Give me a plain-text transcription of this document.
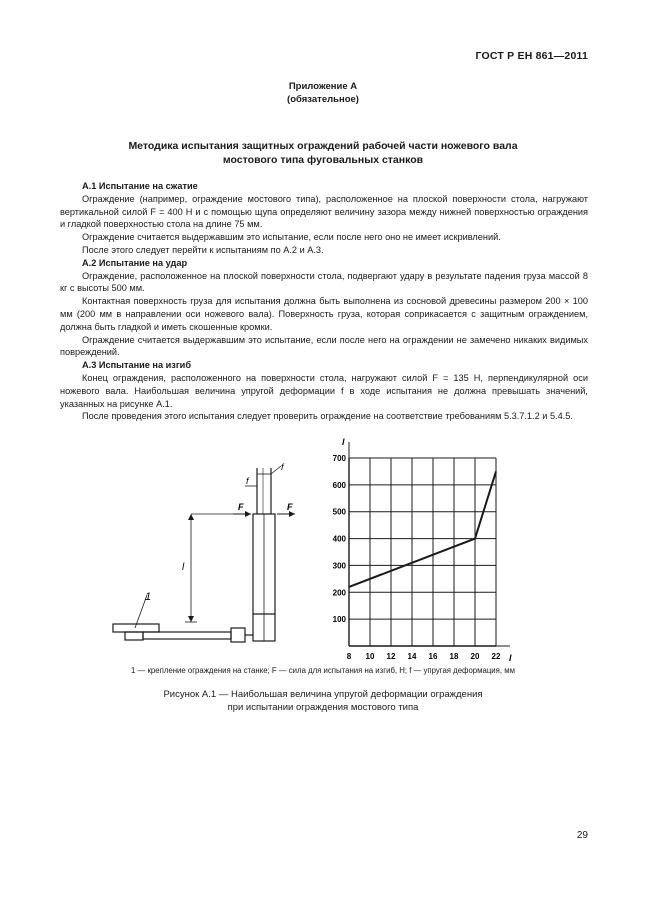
ГОСТ Р ЕН 861—2011
Приложение А
(обязательное)
Методика испытания защитных ограждений рабочей части ножевого вала
мостового типа фуговальных станков

А.1 Испытание на сжатие

Ограждение (например, ограждение мостового типа), расположенное на плоской поверхности стола, нагружают вертикальной силой F = 400 Н и с помощью щупа определяют величину зазора между нижней поверхностью ограждения и гладкой поверхностью стола на длине 75 мм.

Ограждение считается выдержавшим это испытание, если после него оно не имеет искривлений.

После этого следует перейти к испытаниям по А.2 и А.3.

А.2 Испытание на удар

Ограждение, расположенное на плоской поверхности стола, подвергают удару в результате падения груза массой 8 кг с высоты 500 мм.

Контактная поверхность груза для испытания должна быть выполнена из сосновой древесины размером 200 × 100 мм (200 мм в направлении оси ножевого вала). Поверхность груза, которая соприкасается с защитным ограждением, должна быть гладкой и иметь скошенные кромки.

Ограждение считается выдержавшим это испытание, если после него на ограждении не замечено никаких видимых повреждений.

А.3 Испытание на изгиб

Конец ограждения, расположенного на поверхности стола, нагружают силой F = 135 Н, перпендикулярной оси ножевого вала. Наибольшая величина упругой деформации f в ходе испытания не должна превышать значений, указанных на рисунке А.1.

После проведения этого испытания следует проверить ограждение на соответствие требованиям 5.3.7.1.2 и 5.4.5.

1
l
F	F
f
f
8 10 12 14 16 18 20 22
100
200
300
400
500
600
700
l
l
1 — крепление ограждения на станке; F — сила для испытания на изгиб, Н; f — упругая деформация, мм
Рисунок А.1 — Наибольшая величина упругой деформации ограждения
при испытании ограждения мостового типа
29
